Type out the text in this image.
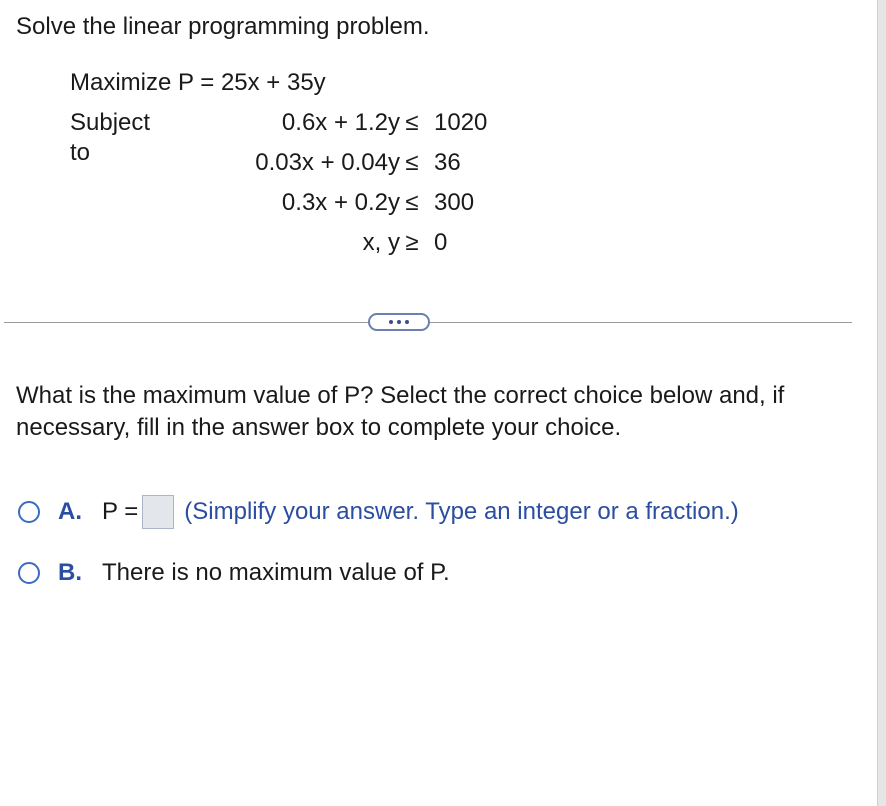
Solve the linear programming problem.
Maximize P = 25x + 35y
Subject to
0.6x + 1.2y ≤ 1020
0.03x + 0.04y ≤ 36
0.3x + 0.2y ≤ 300
x, y ≥ 0
What is the maximum value of P? Select the correct choice below and, if necessary, fill in the answer box to complete your choice.
A. P = (Simplify your answer. Type an integer or a fraction.)
B. There is no maximum value of P.
